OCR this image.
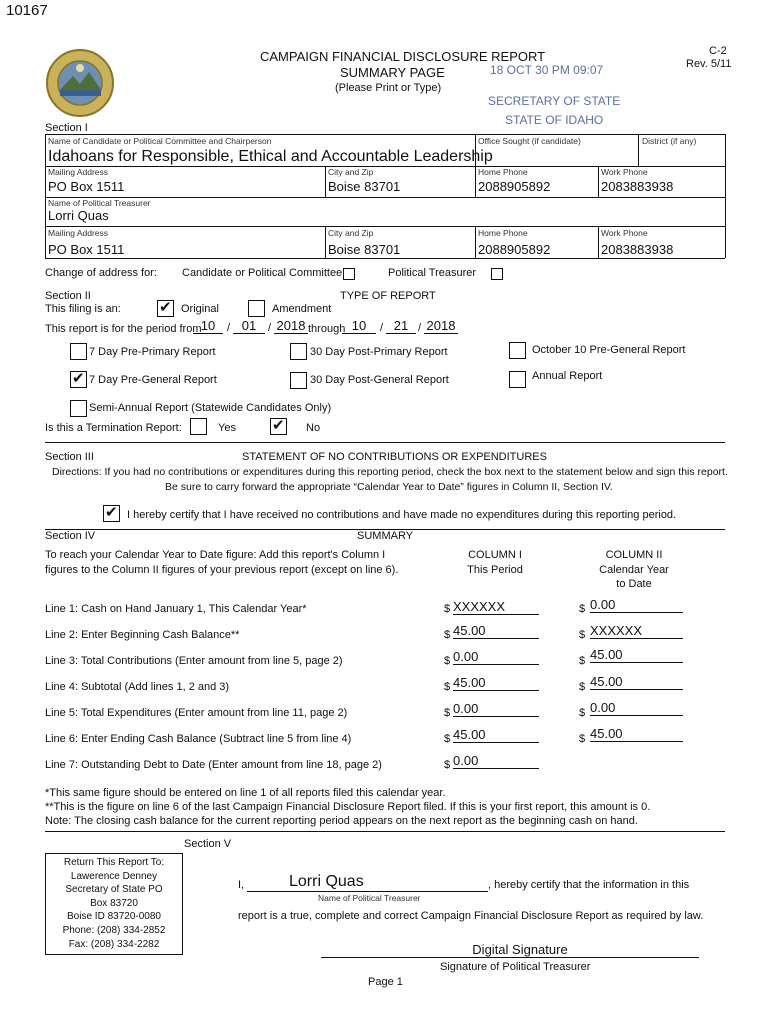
10167
CAMPAIGN FINANCIAL DISCLOSURE REPORT
SUMMARY PAGE
(Please Print or Type)
C-2
Rev. 5/11
18 OCT 30 PM 09:07
SECRETARY OF STATE
STATE OF IDAHO
Section I
Name of Candidate or Political Committee and Chairperson
Idahoans for Responsible, Ethical and Accountable Leadership
Office Sought (if candidate)	District (if any)
Mailing Address
PO Box 1511
City and Zip
Boise 83701
Home Phone
2088905892
Work Phone
2083883938
Name of Political Treasurer
Lorri Quas
Mailing Address
PO Box 1511
City and Zip
Boise 83701
Home Phone
2088905892
Work Phone
2083883938
Change of address for: Candidate or Political Committee	Political Treasurer
Section II	TYPE OF REPORT
This filing is an:	✔ Original	Amendment
This report is for the period from 10	/ 01	/ 2018 through 10	/ 21 / 2018
7 Day Pre-Primary Report	30 Day Post-Primary Report	October 10 Pre-General Report
✔ 7 Day Pre-General Report	30 Day Post-General Report	Annual Report
Semi-Annual Report (Statewide Candidates Only)
Is this a Termination Report:	Yes ✔ No
Section III	STATEMENT OF NO CONTRIBUTIONS OR EXPENDITURES
Directions: If you had no contributions or expenditures during this reporting period, check the box next to the statement below and sign this report.
Be sure to carry forward the appropriate “Calendar Year to Date” figures in Column II, Section IV.
✔ I hereby certify that I have received no contributions and have made no expenditures during this reporting period.
Section IV	SUMMARY
To reach your Calendar Year to Date figure: Add this report's Column I
figures to the Column II figures of your previous report (except on line 6).
COLUMN I
This Period
COLUMN II
Calendar Year
to Date
Line 1: Cash on Hand January 1, This Calendar Year*	$ XXXXXX	$ 0.00
Line 2: Enter Beginning Cash Balance**	$ 45.00	$ XXXXXX
Line 3: Total Contributions (Enter amount from line 5, page 2)	$ 0.00	$ 45.00
Line 4: Subtotal (Add lines 1, 2 and 3)	$ 45.00	$ 45.00
Line 5: Total Expenditures (Enter amount from line 11, page 2)	$ 0.00	$ 0.00
Line 6: Enter Ending Cash Balance (Subtract line 5 from line 4)	$ 45.00	$ 45.00
Line 7: Outstanding Debt to Date (Enter amount from line 18, page 2)	$ 0.00
*This same figure should be entered on line 1 of all reports filed this calendar year.
**This is the figure on line 6 of the last Campaign Financial Disclosure Report filed. If this is your first report, this amount is 0.
Note: The closing cash balance for the current reporting period appears on the next report as the beginning cash on hand.
Section V
Return This Report To:
Lawerence Denney
Secretary of State PO
Box 83720
Boise ID 83720-0080
Phone: (208) 334-2852
Fax: (208) 334-2282
I,	Lorri Quas	, hereby certify that the information in this
Name of Political Treasurer
report is a true, complete and correct Campaign Financial Disclosure Report as required by law.
Digital Signature
Signature of Political Treasurer
Page 1
